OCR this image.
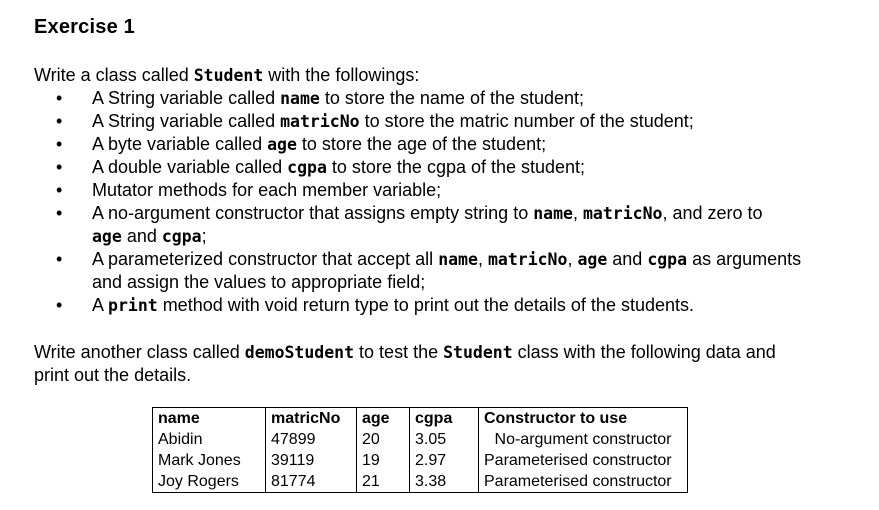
Exercise 1
Write a class called Student with the followings:
• A String variable called name to store the name of the student;
• A String variable called matricNo to store the matric number of the student;
• A byte variable called age to store the age of the student;
• A double variable called cgpa to store the cgpa of the student;
• Mutator methods for each member variable;
• A no-argument constructor that assigns empty string to name, matricNo, and zero to
age and cgpa;
• A parameterized constructor that accept all name, matricNo, age and cgpa as arguments and assign the values to appropriate field;
• A print method with void return type to print out the details of the students.
Write another class called demoStudent to test the Student class with the following data and
print out the details.
name	matricNo	age	cgpa	Constructor to use
Abidin	47899	20	3.05	No-argument constructor
Mark Jones	39119	19	2.97	Parameterised constructor
Joy Rogers	81774	21	3.38	Parameterised constructor
